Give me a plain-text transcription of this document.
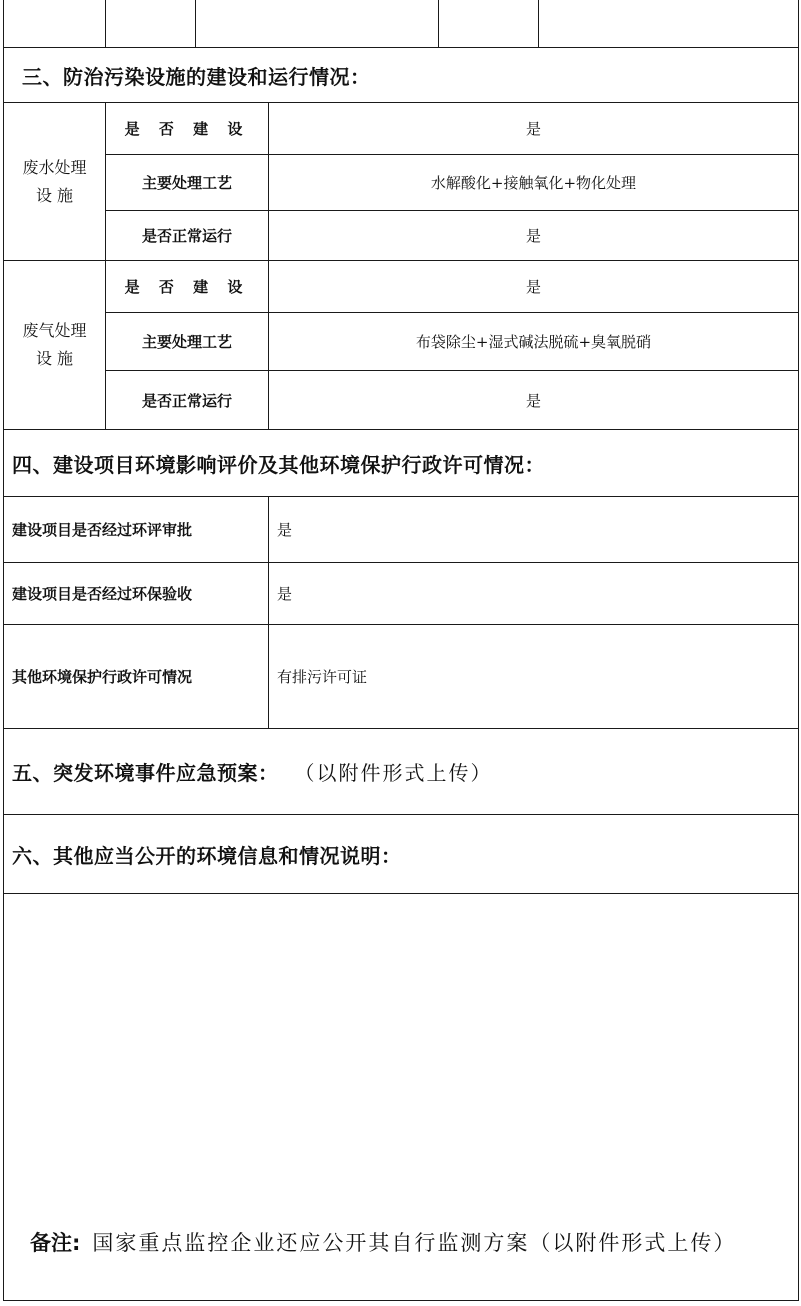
三、防治污染设施的建设和运行情况：
废水处理
设 施
是 否 建 设	是
主要处理工艺	水解酸化+接触氧化+物化处理
是否正常运行	是
废气处理
设 施
是 否 建 设	是
主要处理工艺	布袋除尘+湿式碱法脱硫+臭氧脱硝
是否正常运行	是
四、建设项目环境影响评价及其他环境保护行政许可情况：
建设项目是否经过环评审批	是
建设项目是否经过环保验收	是
其他环境保护行政许可情况	有排污许可证
五、突发环境事件应急预案： （以附件形式上传）
六、其他应当公开的环境信息和情况说明：
备注: 国家重点监控企业还应公开其自行监测方案（以附件形式上传）
